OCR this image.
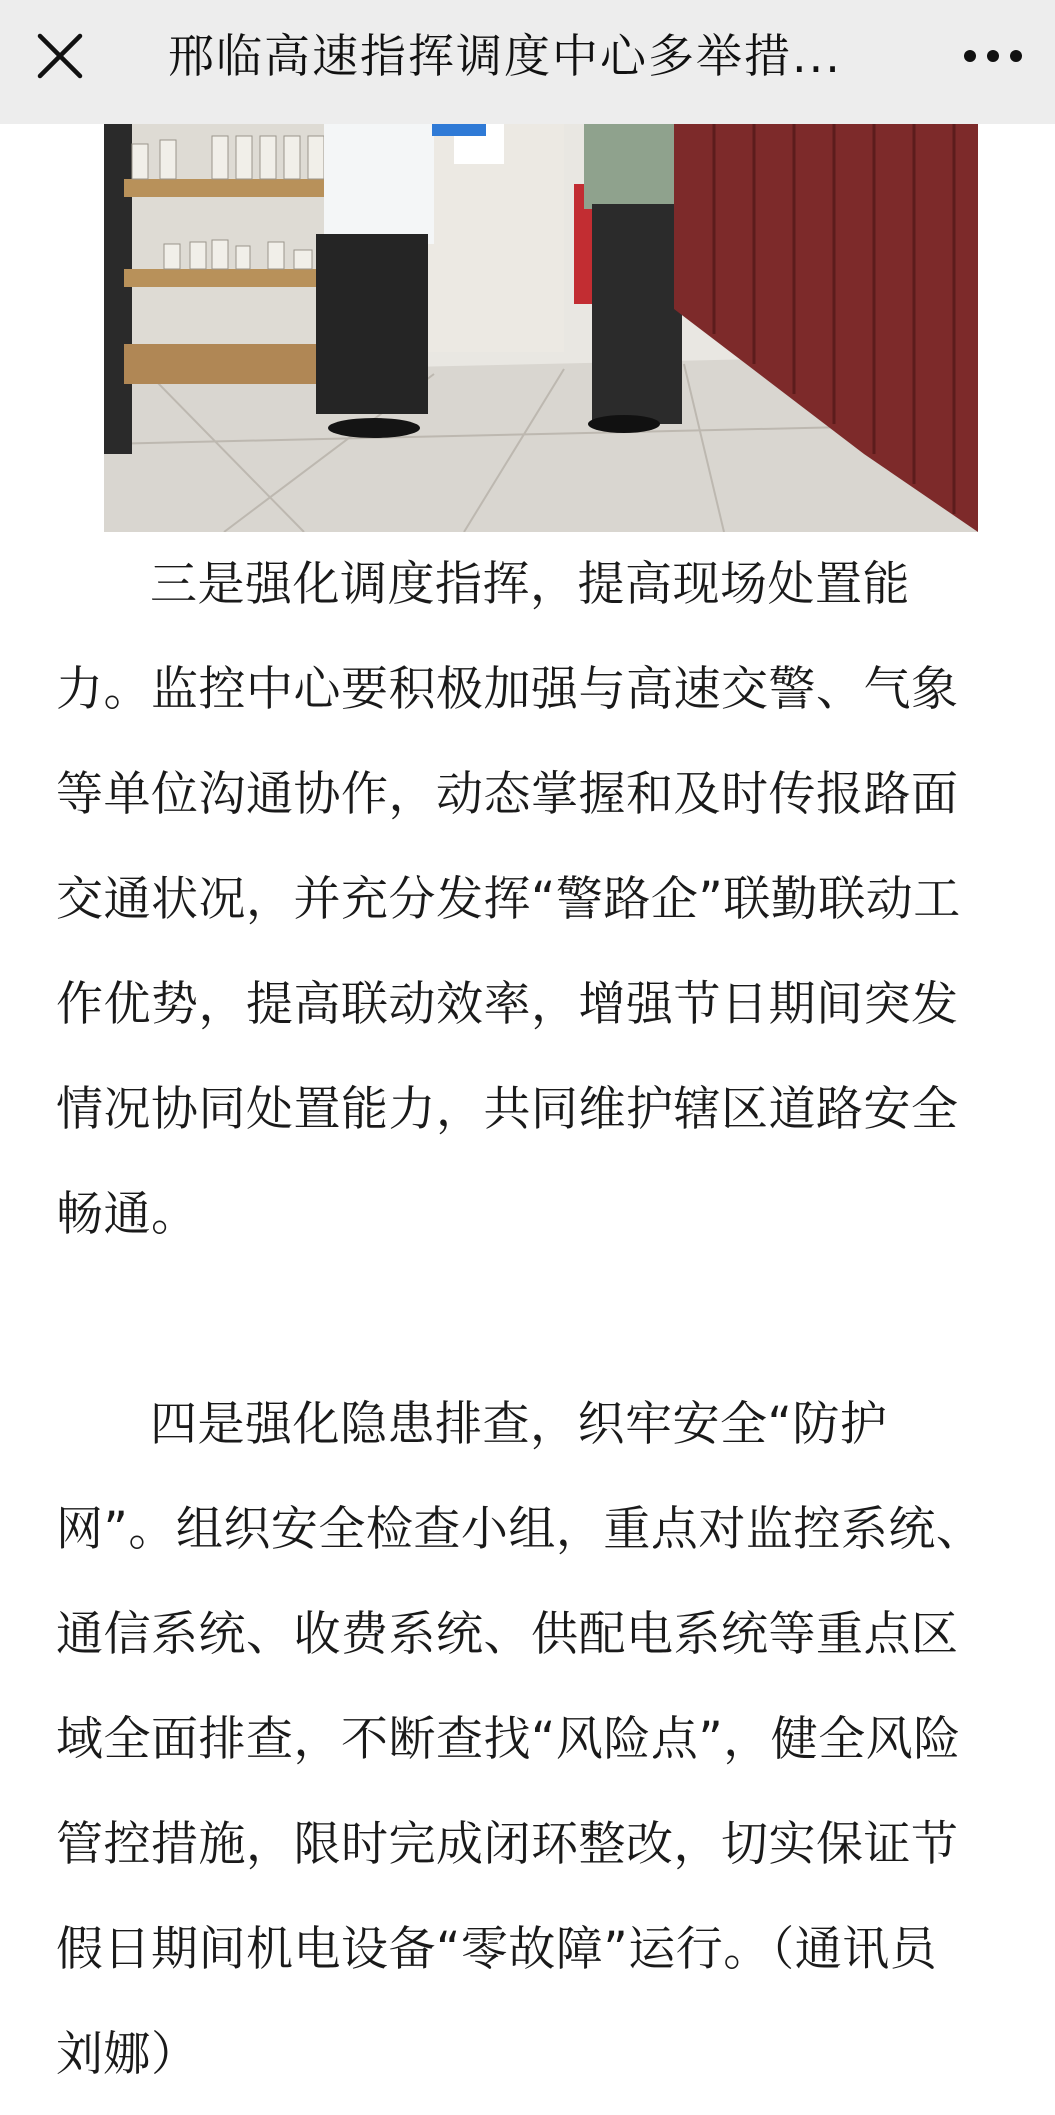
邢临高速指挥调度中心多举措...

三是强化调度指挥，提高现场处置能力。监控中心要积极加强与高速交警、气象等单位沟通协作，动态掌握和及时传报路面交通状况，并充分发挥“警路企”联勤联动工作优势，提高联动效率，增强节日期间突发情况协同处置能力，共同维护辖区道路安全畅通。

四是强化隐患排查，织牢安全“防护网”。组织安全检查小组，重点对监控系统、通信系统、收费系统、供配电系统等重点区域全面排查，不断查找“风险点”，健全风险管控措施，限时完成闭环整改，切实保证节假日期间机电设备“零故障”运行。（通讯员 刘娜）
